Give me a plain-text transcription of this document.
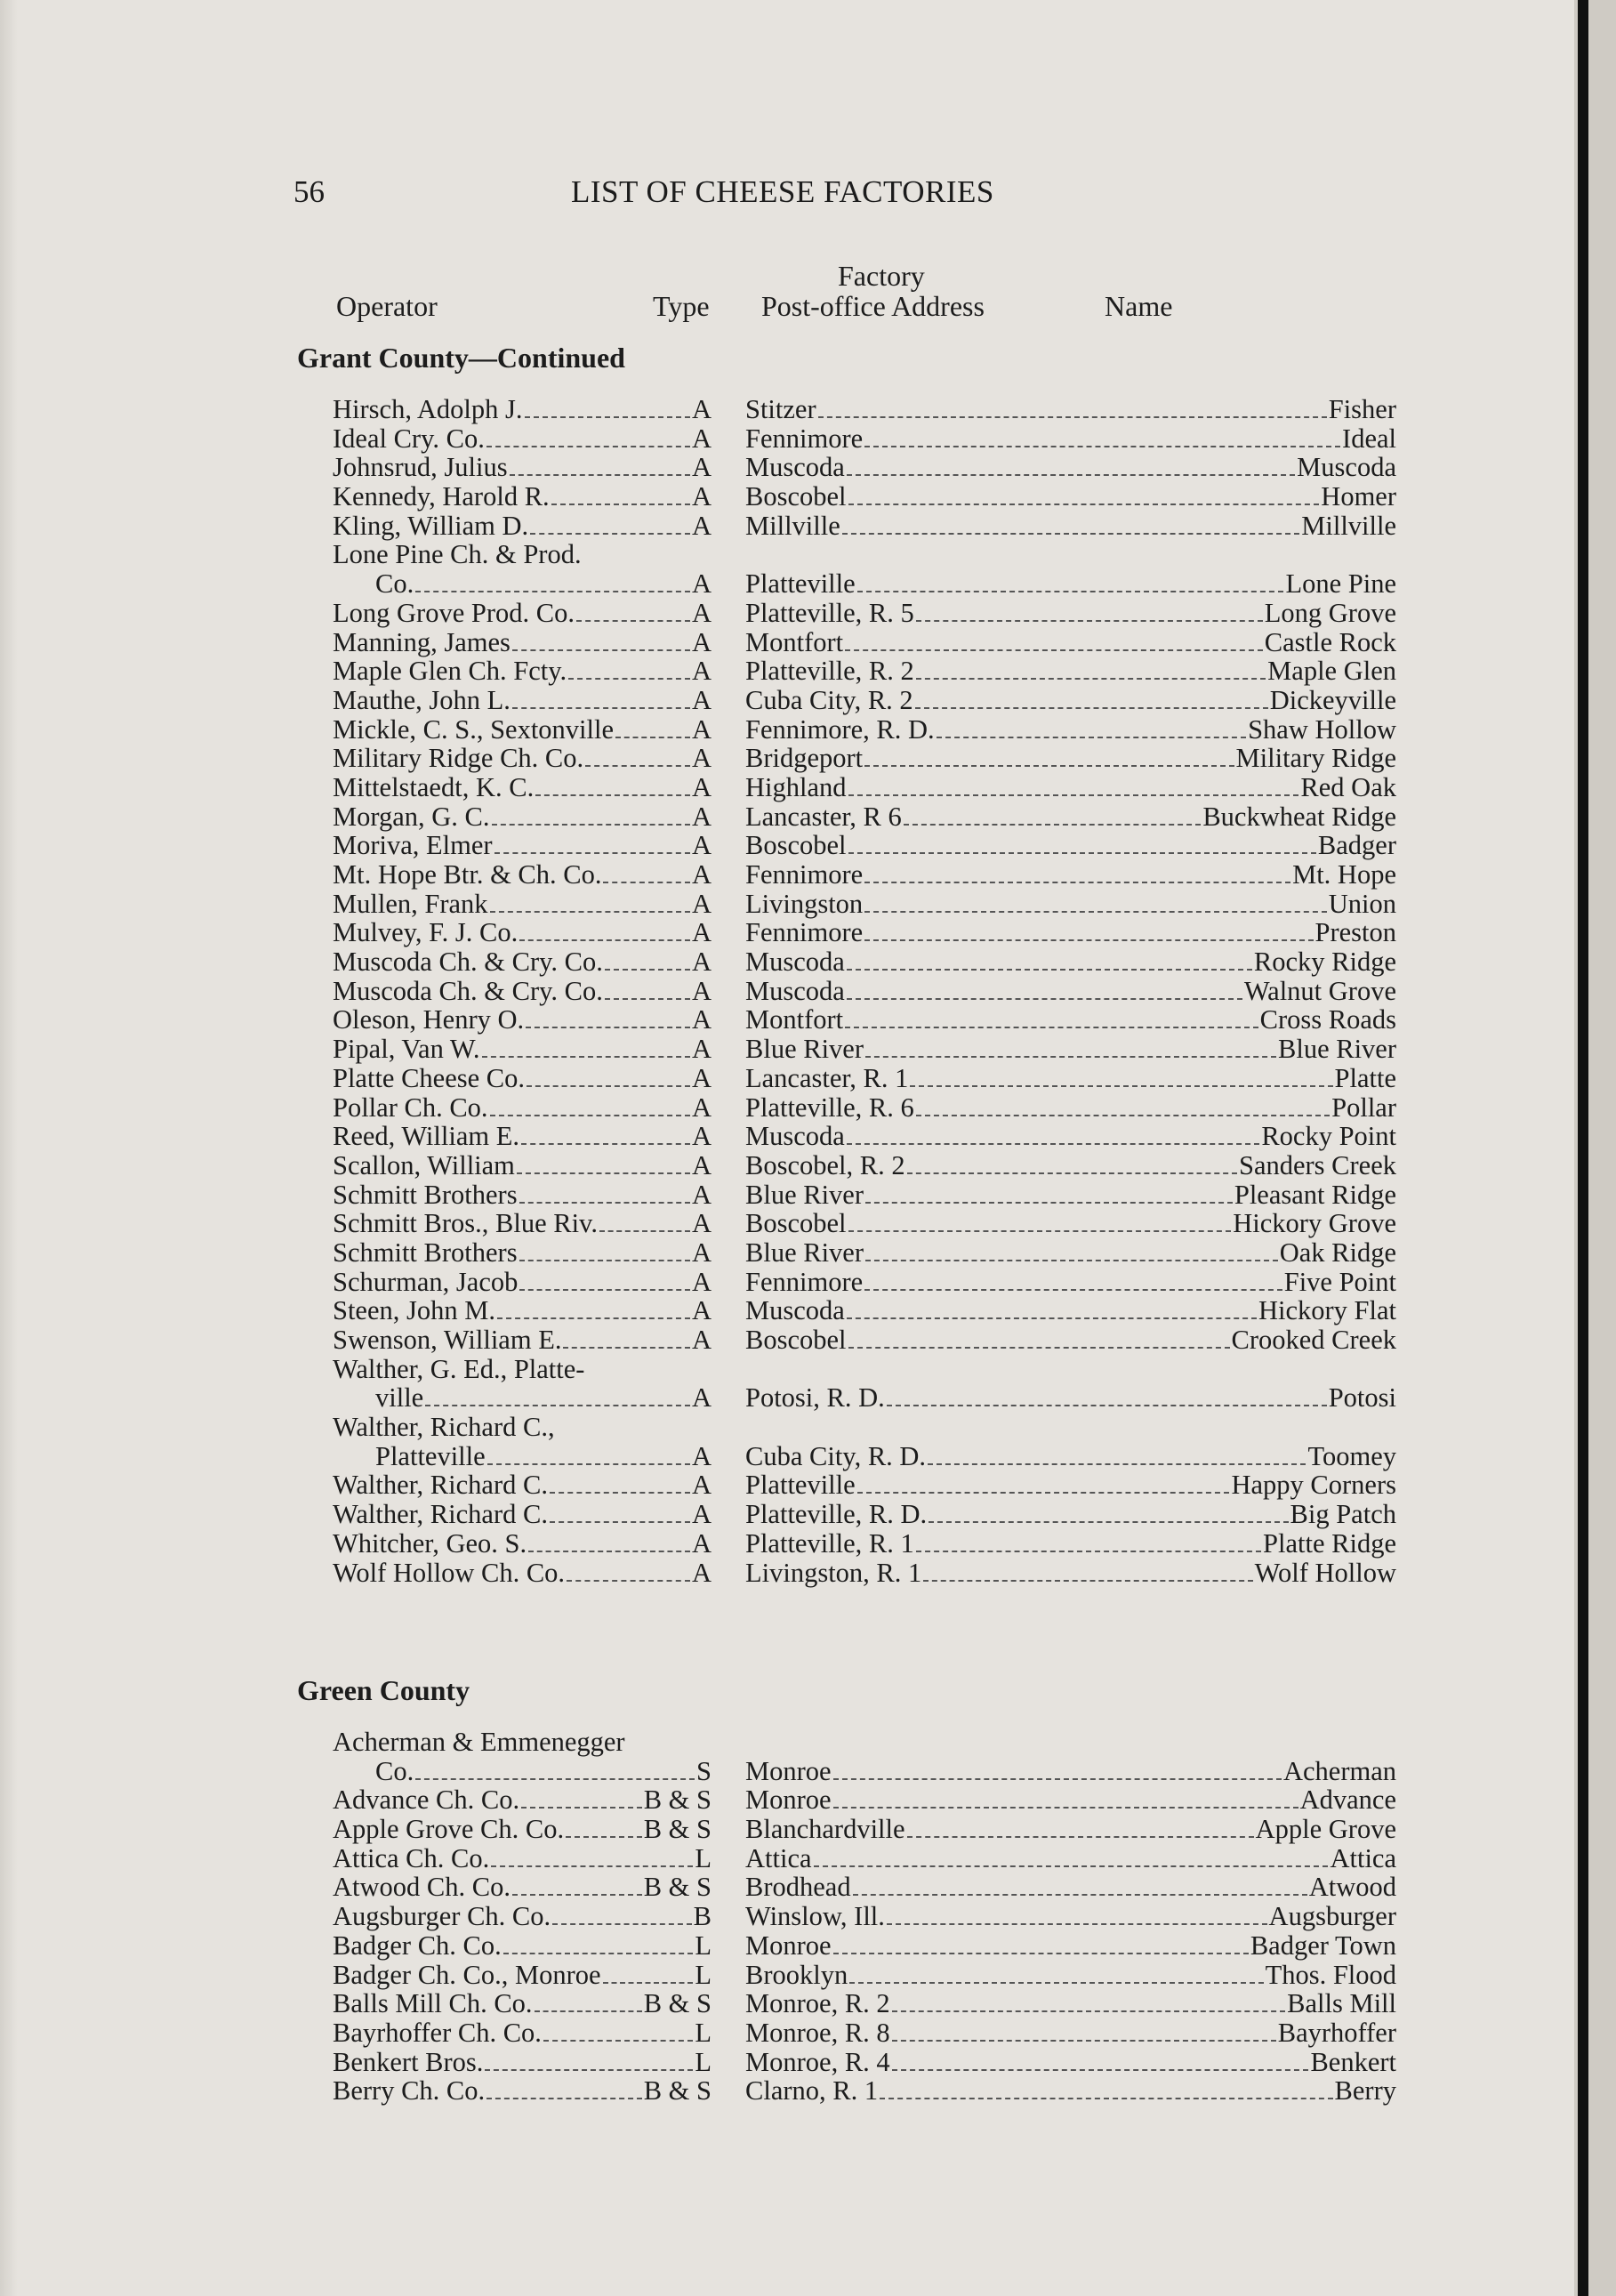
56	LIST OF CHEESE FACTORIES
Factory
Operator	Type Post-office Address	Name
Grant County—Continued
Hirsch, Adolph J.	A Stitzer	Fisher
Ideal Cry. Co.	A Fennimore	Ideal
Johnsrud, Julius	A Muscoda	Muscoda
Kennedy, Harold R.	A Boscobel	Homer
Kling, William D.	A Millville	Millville
Lone Pine Ch. & Prod.
Co.	A Platteville	Lone Pine
Long Grove Prod. Co.	A Platteville, R. 5	Long Grove
Manning, James	A Montfort	Castle Rock
Maple Glen Ch. Fcty.	A Platteville, R. 2	Maple Glen
Mauthe, John L.	A Cuba City, R. 2	Dickeyville
Mickle, C. S., Sextonville	A Fennimore, R. D.	Shaw Hollow
Military Ridge Ch. Co.	A Bridgeport	Military Ridge
Mittelstaedt, K. C.	A Highland	Red Oak
Morgan, G. C.	A Lancaster, R 6	Buckwheat Ridge
Moriva, Elmer	A Boscobel	Badger
Mt. Hope Btr. & Ch. Co.	A Fennimore	Mt. Hope
Mullen, Frank	A Livingston	Union
Mulvey, F. J. Co.	A Fennimore	Preston
Muscoda Ch. & Cry. Co.	A Muscoda	Rocky Ridge
Muscoda Ch. & Cry. Co.	A Muscoda	Walnut Grove
Oleson, Henry O.	A Montfort	Cross Roads
Pipal, Van W.	A Blue River	Blue River
Platte Cheese Co.	A Lancaster, R. 1	Platte
Pollar Ch. Co.	A Platteville, R. 6	Pollar
Reed, William E.	A Muscoda	Rocky Point
Scallon, William	A Boscobel, R. 2	Sanders Creek
Schmitt Brothers	A Blue River	Pleasant Ridge
Schmitt Bros., Blue Riv.	A Boscobel	Hickory Grove
Schmitt Brothers	A Blue River	Oak Ridge
Schurman, Jacob	A Fennimore	Five Point
Steen, John M.	A Muscoda	Hickory Flat
Swenson, William E.	A Boscobel	Crooked Creek
Walther, G. Ed., Platte-
ville	A Potosi, R. D.	Potosi
Walther, Richard C.,
Platteville	A Cuba City, R. D.	Toomey
Walther, Richard C.	A Platteville	Happy Corners
Walther, Richard C.	A Platteville, R. D.	Big Patch
Whitcher, Geo. S.	A Platteville, R. 1	Platte Ridge
Wolf Hollow Ch. Co.	A Livingston, R. 1	Wolf Hollow
Green County
Acherman & Emmenegger
Co.	S Monroe	Acherman
Advance Ch. Co.	B & S Monroe	Advance
Apple Grove Ch. Co.	B & S Blanchardville	Apple Grove
Attica Ch. Co.	L Attica	Attica
Atwood Ch. Co.	B & S Brodhead	Atwood
Augsburger Ch. Co.	B Winslow, Ill.	Augsburger
Badger Ch. Co.	L Monroe	Badger Town
Badger Ch. Co., Monroe	L Brooklyn	Thos. Flood
Balls Mill Ch. Co.	B & S Monroe, R. 2	Balls Mill
Bayrhoffer Ch. Co.	L Monroe, R. 8	Bayrhoffer
Benkert Bros.	L Monroe, R. 4	Benkert
Berry Ch. Co.	B & S Clarno, R. 1	Berry
